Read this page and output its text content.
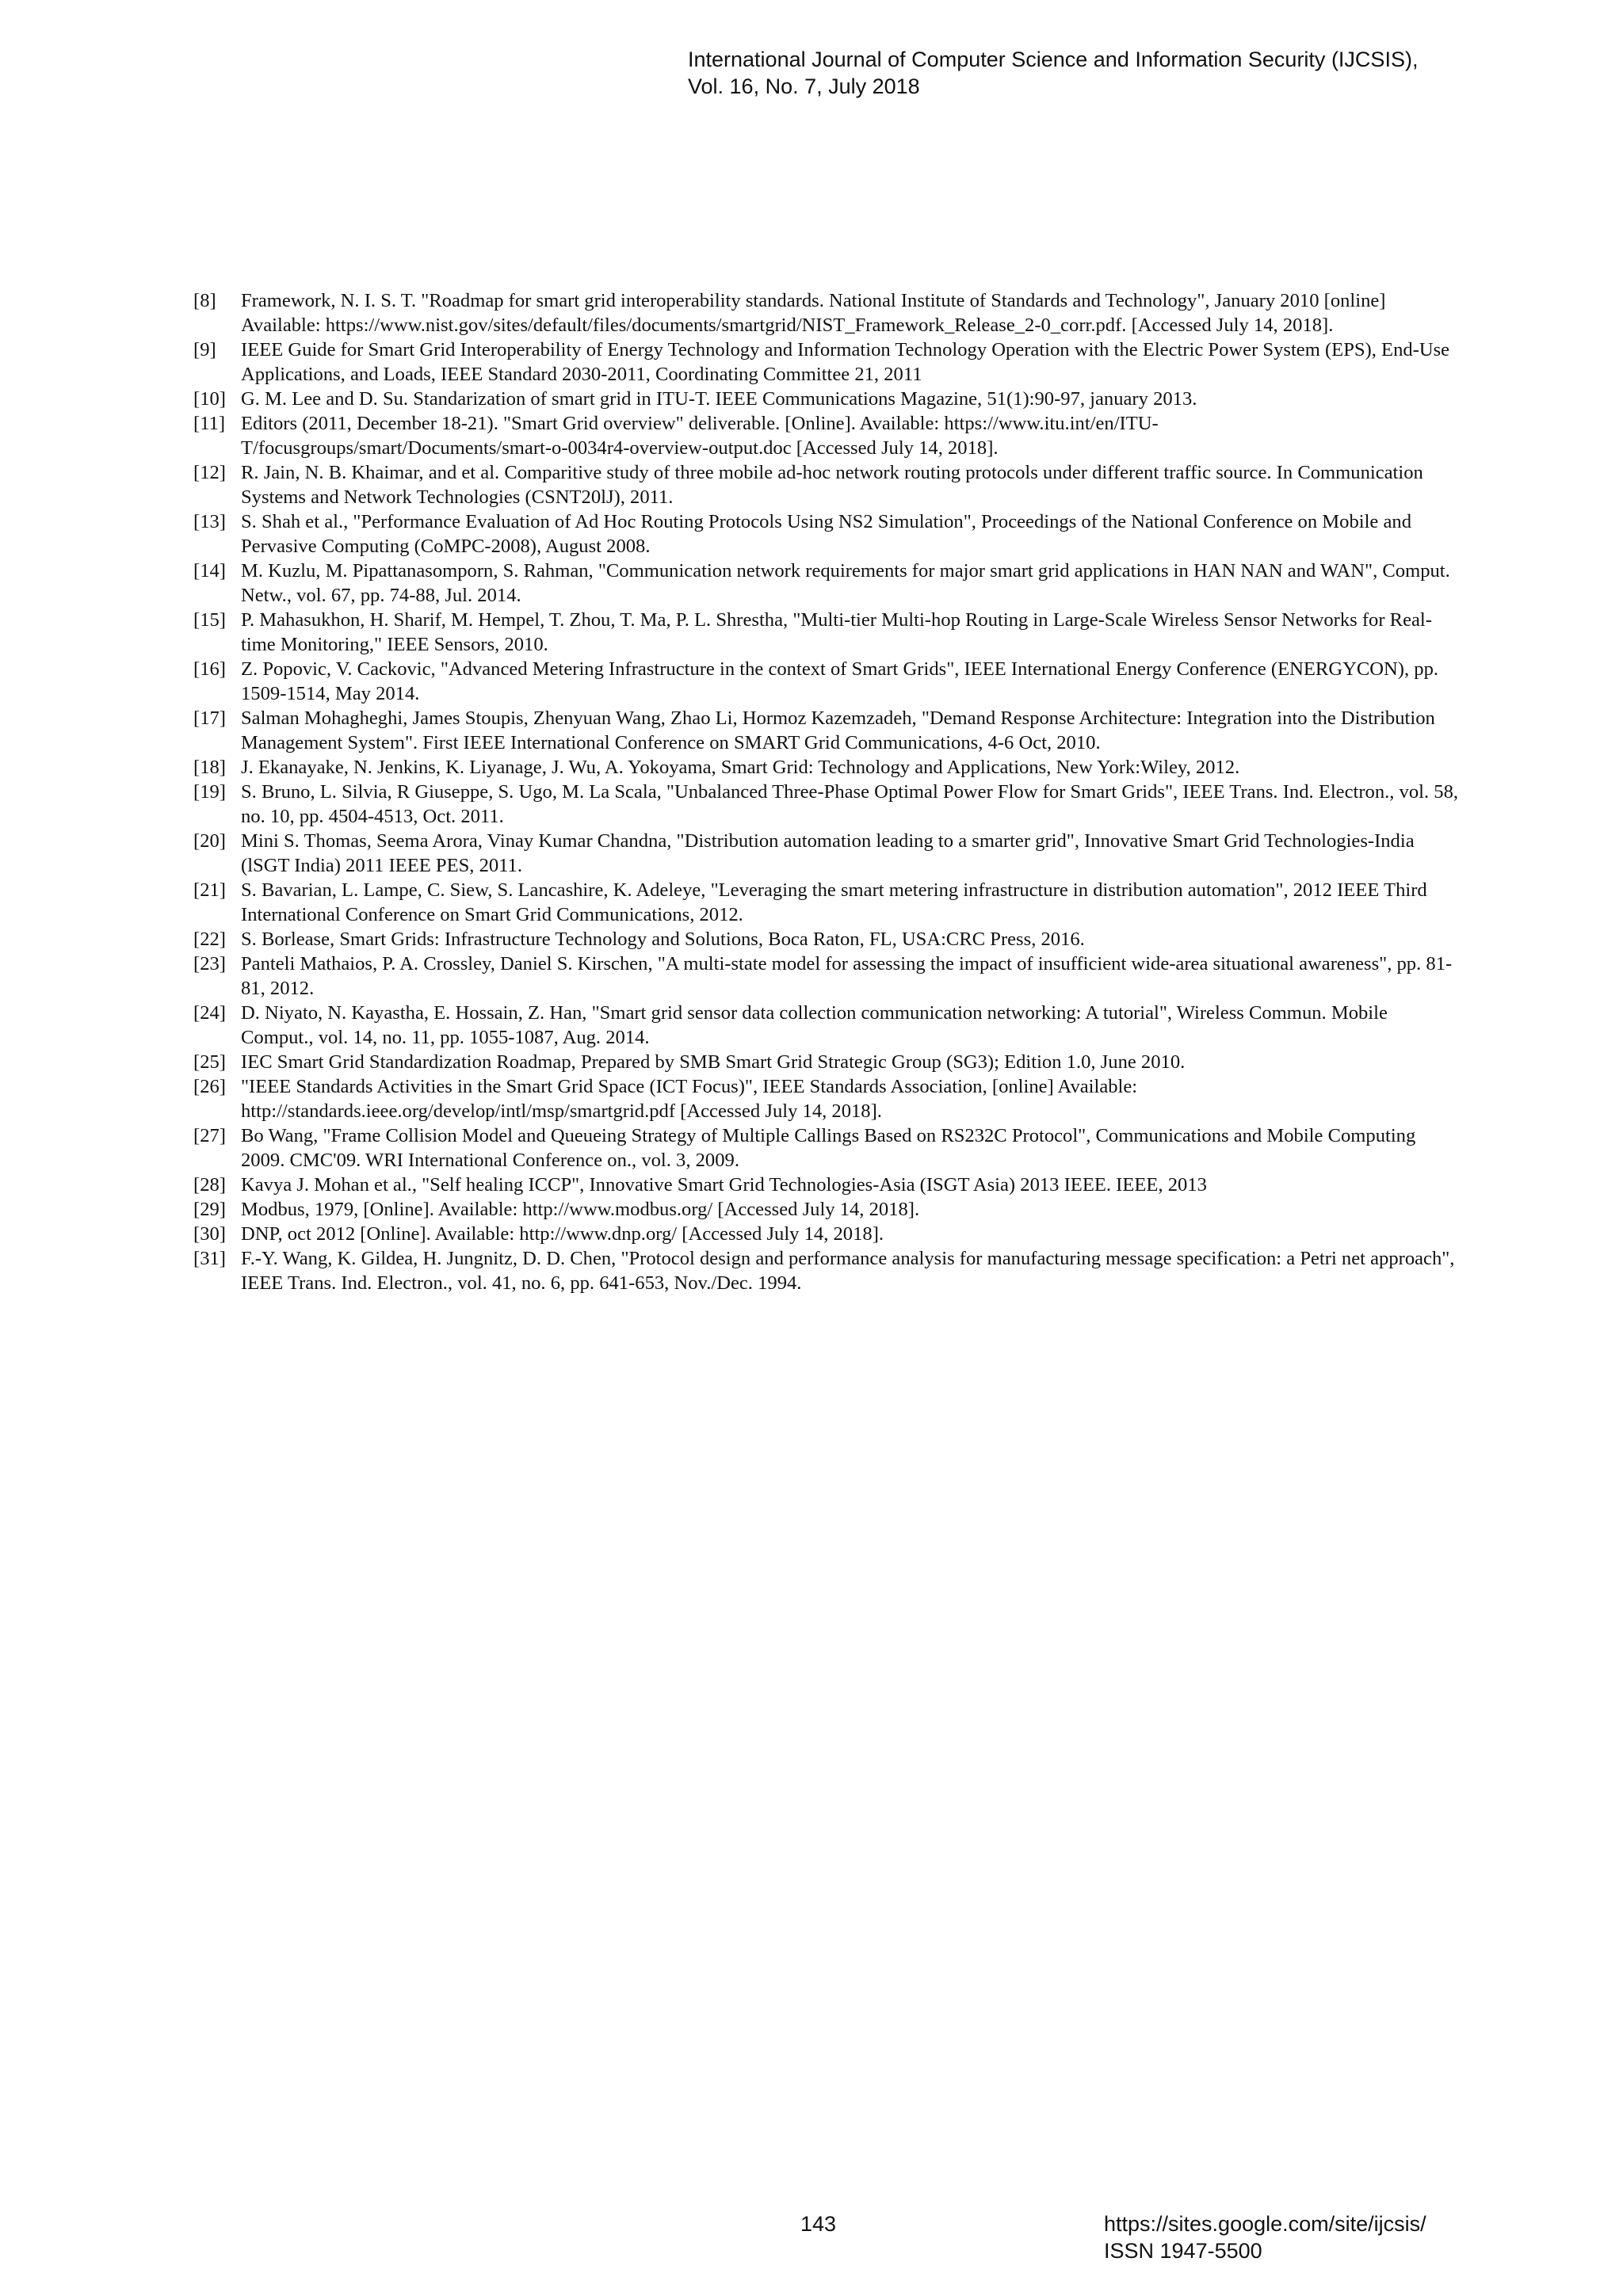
International Journal of Computer Science and Information Security (IJCSIS),
Vol. 16, No. 7, July 2018
[8]	Framework, N. I. S. T. "Roadmap for smart grid interoperability standards. National Institute of Standards and Technology", January 2010 [online] Available: https://www.nist.gov/sites/default/files/documents/smartgrid/NIST_Framework_Release_2-0_corr.pdf. [Accessed July 14, 2018].
[9]	IEEE Guide for Smart Grid Interoperability of Energy Technology and Information Technology Operation with the Electric Power System (EPS), End-Use Applications, and Loads, IEEE Standard 2030-2011, Coordinating Committee 21, 2011
[10] G. M. Lee and D. Su. Standarization of smart grid in ITU-T. IEEE Communications Magazine, 51(1):90-97, january 2013.
[11] Editors (2011, December 18-21). "Smart Grid overview" deliverable. [Online]. Available: https://www.itu.int/en/ITU-T/focusgroups/smart/Documents/smart-o-0034r4-overview-output.doc [Accessed July 14, 2018].
[12] R. Jain, N. B. Khaimar, and et al. Comparitive study of three mobile ad-hoc network routing protocols under different traffic source. In Communication Systems and Network Technologies (CSNT20lJ), 2011.
[13] S. Shah et al., "Performance Evaluation of Ad Hoc Routing Protocols Using NS2 Simulation", Proceedings of the National Conference on Mobile and Pervasive Computing (CoMPC-2008), August 2008.
[14] M. Kuzlu, M. Pipattanasomporn, S. Rahman, "Communication network requirements for major smart grid applications in HAN NAN and WAN", Comput. Netw., vol. 67, pp. 74-88, Jul. 2014.
[15] P. Mahasukhon, H. Sharif, M. Hempel, T. Zhou, T. Ma, P. L. Shrestha, "Multi-tier Multi-hop Routing in Large-Scale Wireless Sensor Networks for Real-time Monitoring," IEEE Sensors, 2010.
[16] Z. Popovic, V. Cackovic, "Advanced Metering Infrastructure in the context of Smart Grids", IEEE International Energy Conference (ENERGYCON), pp. 1509-1514, May 2014.
[17] Salman Mohagheghi, James Stoupis, Zhenyuan Wang, Zhao Li, Hormoz Kazemzadeh, "Demand Response Architecture: Integration into the Distribution Management System". First IEEE International Conference on SMART Grid Communications, 4-6 Oct, 2010.
[18] J. Ekanayake, N. Jenkins, K. Liyanage, J. Wu, A. Yokoyama, Smart Grid: Technology and Applications, New York:Wiley, 2012.
[19] S. Bruno, L. Silvia, R Giuseppe, S. Ugo, M. La Scala, "Unbalanced Three-Phase Optimal Power Flow for Smart Grids", IEEE Trans. Ind. Electron., vol. 58, no. 10, pp. 4504-4513, Oct. 2011.
[20] Mini S. Thomas, Seema Arora, Vinay Kumar Chandna, "Distribution automation leading to a smarter grid", Innovative Smart Grid Technologies-India (lSGT India) 2011 IEEE PES, 2011.
[21] S. Bavarian, L. Lampe, C. Siew, S. Lancashire, K. Adeleye, "Leveraging the smart metering infrastructure in distribution automation", 2012 IEEE Third International Conference on Smart Grid Communications, 2012.
[22] S. Borlease, Smart Grids: Infrastructure Technology and Solutions, Boca Raton, FL, USA:CRC Press, 2016.
[23] Panteli Mathaios, P. A. Crossley, Daniel S. Kirschen, "A multi-state model for assessing the impact of insufficient wide-area situational awareness", pp. 81-81, 2012.
[24] D. Niyato, N. Kayastha, E. Hossain, Z. Han, "Smart grid sensor data collection communication networking: A tutorial", Wireless Commun. Mobile Comput., vol. 14, no. 11, pp. 1055-1087, Aug. 2014.
[25] IEC Smart Grid Standardization Roadmap, Prepared by SMB Smart Grid Strategic Group (SG3); Edition 1.0, June 2010.
[26] "IEEE Standards Activities in the Smart Grid Space (ICT Focus)", IEEE Standards Association, [online] Available: http://standards.ieee.org/develop/intl/msp/smartgrid.pdf [Accessed July 14, 2018].
[27] Bo Wang, "Frame Collision Model and Queueing Strategy of Multiple Callings Based on RS232C Protocol", Communications and Mobile Computing 2009. CMC'09. WRI International Conference on., vol. 3, 2009.
[28] Kavya J. Mohan et al., "Self healing ICCP", Innovative Smart Grid Technologies-Asia (ISGT Asia) 2013 IEEE. IEEE, 2013
[29] Modbus, 1979, [Online]. Available: http://www.modbus.org/ [Accessed July 14, 2018].
[30] DNP, oct 2012 [Online]. Available: http://www.dnp.org/ [Accessed July 14, 2018].
[31] F.-Y. Wang, K. Gildea, H. Jungnitz, D. D. Chen, "Protocol design and performance analysis for manufacturing message specification: a Petri net approach", IEEE Trans. Ind. Electron., vol. 41, no. 6, pp. 641-653, Nov./Dec. 1994.
143	https://sites.google.com/site/ijcsis/
ISSN 1947-5500
